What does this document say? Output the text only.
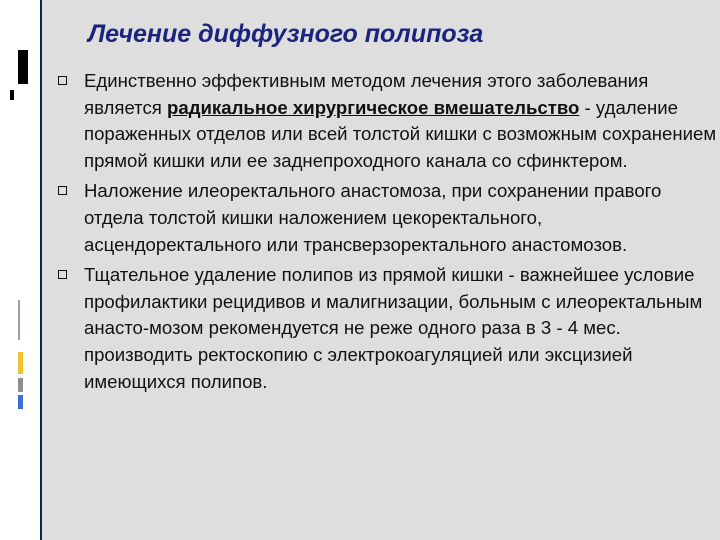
Лечение диффузного полипоза
Единственно эффективным методом лечения этого заболевания является радикальное хирургическое вмешательство - удаление пораженных отделов или всей толстой кишки с возможным сохранением прямой кишки или ее заднепроходного канала со сфинктером.
Наложение илеоректального анастомоза, при сохранении правого отдела толстой кишки наложением цекоректального, асцендоректального или трансверзоректального анастомозов.
Тщательное удаление полипов из прямой кишки - важнейшее условие профилактики рецидивов и малигнизации, больным с илеоректальным анасто-мозом рекомендуется не реже одного раза в 3 - 4 мес. производить ректоскопию с электрокоагуляцией или эксцизией имеющихся полипов.
